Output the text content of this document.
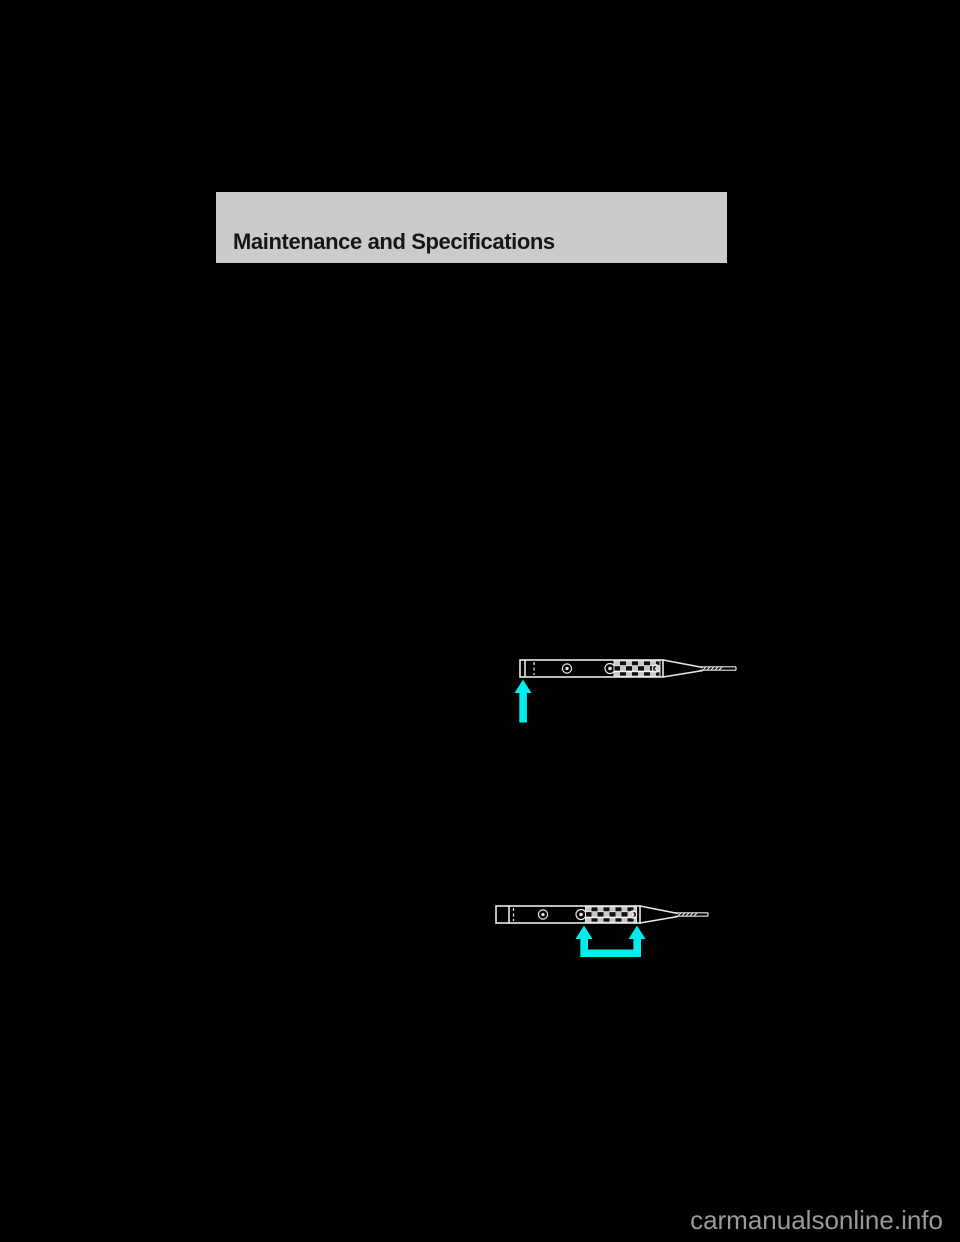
Maintenance and Specifications
carmanualsonline.info
